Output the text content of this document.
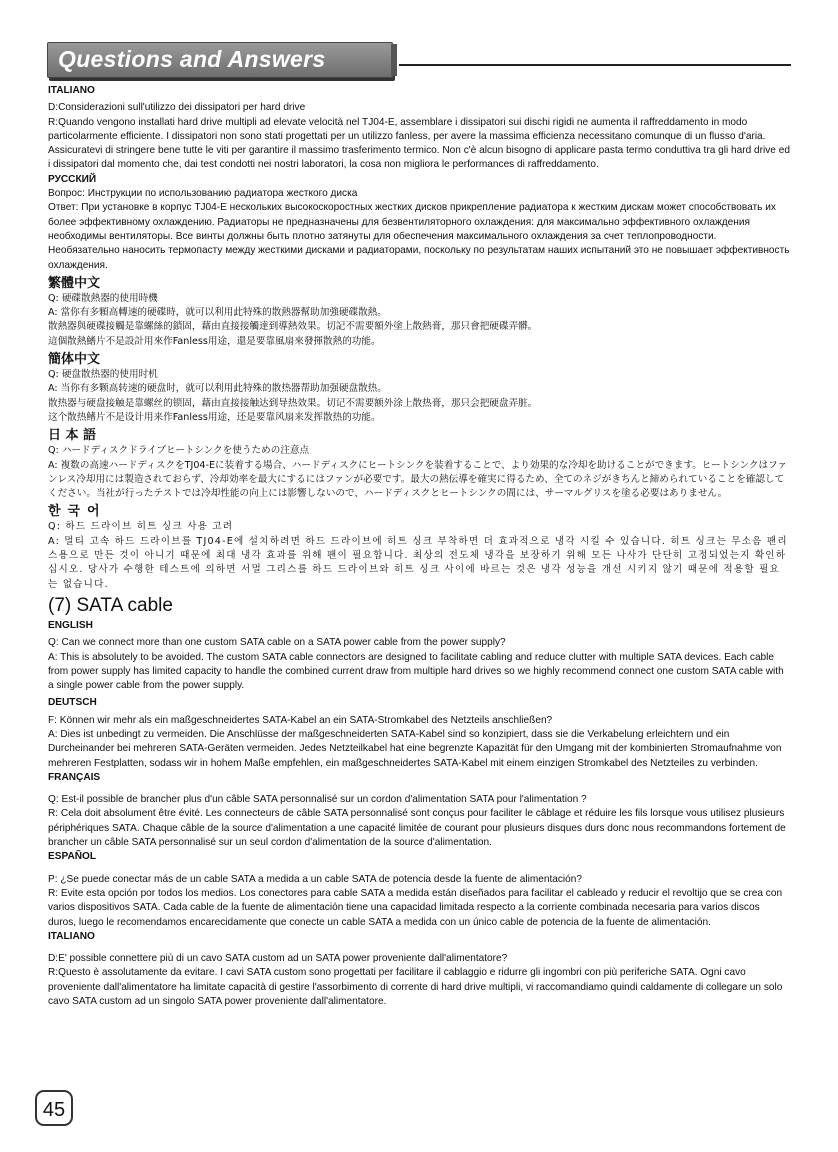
Questions and Answers

ITALIANO

D:Considerazioni sull'utilizzo dei dissipatori per hard drive

R:Quando vengono installati hard drive multipli ad elevate velocità nel TJ04-E, assemblare i dissipatori sui dischi rigidi ne aumenta il raffreddamento in modo particolarmente efficiente. I dissipatori non sono stati progettati per un utilizzo fanless, per avere la massima efficienza necessitano comunque di un flusso d'aria. Assicuratevi di stringere bene tutte le viti per garantire il massimo trasferimento termico. Non c'è alcun bisogno di applicare pasta termo conduttiva tra gli hard drive ed i dissipatori dal momento che, dai test condotti nei nostri laboratori, la cosa non migliora le performances di raffreddamento.

РУССКИЙ

Вопрос: Инструкции по использованию радиатора жесткого диска

Ответ: При установке в корпус TJ04-E нескольких высокоскоростных жестких дисков прикрепление радиатора к жестким дискам может способствовать их более эффективному охлаждению. Радиаторы не предназначены для безвентиляторного охлаждения: для максимально эффективного охлаждения необходимы вентиляторы. Все винты должны быть плотно затянуты для обеспечения максимального охлаждения за счет теплопроводности. Необязательно наносить термопасту между жесткими дисками и радиаторами, поскольку по результатам наших испытаний это не повышает эффективность охлаждения.

繁體中文

Q: 硬碟散熱器的使用時機

A: 當你有多顆高轉速的硬碟時，就可以利用此特殊的散熱器幫助加強硬碟散熱。

散熱器與硬碟接觸是靠螺絲的鎖固，藉由直接接觸達到導熱效果。切記不需要額外塗上散熱膏，那只會把硬碟弄髒。

這個散熱鰭片不是設計用來作Fanless用途，還是要靠風扇來發揮散熱的功能。

簡体中文

Q: 硬盘散热器的使用时机

A: 当你有多颗高转速的硬盘时，就可以利用此特殊的散热器帮助加强硬盘散热。

散热器与硬盘接触是靠螺丝的锁固，藉由直接接触达到导热效果。切记不需要额外涂上散热膏，那只会把硬盘弄脏。

这个散热鳍片不是设计用来作Fanless用途，还是要靠风扇来发挥散热的功能。

日 本 語

Q: ハードディスクドライブヒートシンクを使うための注意点

A: 複数の高速ハードディスクをTJ04-Eに装着する場合、ハードディスクにヒートシンクを装着することで、より効果的な冷却を助けることができます。ヒートシンクはファンレス冷却用には製造されておらず、冷却効率を最大にするにはファンが必要です。最大の熱伝導を確実に得るため、全てのネジがきちんと締められていることを確認してください。当社が行ったテストでは冷却性能の向上には影響しないので、ハードディスクとヒートシンクの間には、サーマルグリスを塗る必要はありません。

한 국 어

Q: 하드 드라이브 히트 싱크 사용 고려

A: 멀티 고속 하드 드라이브를 TJ04-E에 설치하려면 하드 드라이브에 히트 싱크 부착하면 더 효과적으로 냉각 시킬 수 있습니다. 히트 싱크는 무소음 팬리스용으로 만든 것이 아니기 때문에 최대 냉각 효과를 위해 팬이 필요합니다. 최상의 전도체 냉각을 보장하기 위해 모든 나사가 단단히 고정되었는지 확인하십시오. 당사가 수행한 테스트에 의하면 서멀 그리스를 하드 드라이브와 히트 싱크 사이에 바르는 것은 냉각 성능을 개선 시키지 않기 때문에 적용할 필요는 없습니다.

(7) SATA cable

ENGLISH

Q: Can we connect more than one custom SATA cable on a SATA power cable from the power supply?

A: This is absolutely to be avoided. The custom SATA cable connectors are designed to facilitate cabling and reduce clutter with multiple SATA devices. Each cable from power supply has limited capacity to handle the combined current draw from multiple hard drives so we highly recommend connect one custom SATA cable with a single power cable from the power supply.

DEUTSCH

F: Können wir mehr als ein maßgeschneidertes SATA-Kabel an ein SATA-Stromkabel des Netzteils anschließen?

A: Dies ist unbedingt zu vermeiden. Die Anschlüsse der maßgeschneiderten SATA-Kabel sind so konzipiert, dass sie die Verkabelung erleichtern und ein Durcheinander bei mehreren SATA-Geräten vermeiden. Jedes Netzteilkabel hat eine begrenzte Kapazität für den Umgang mit der kombinierten Stromaufnahme von mehreren Festplatten, sodass wir in hohem Maße empfehlen, ein maßgeschneidertes SATA-Kabel mit einem einzigen Stromkabel des Netzteiles zu verbinden.

FRANÇAIS

Q: Est-il possible de brancher plus d'un câble SATA personnalisé sur un cordon d'alimentation SATA pour l'alimentation ?

R: Cela doit absolument être évité. Les connecteurs de câble SATA personnalisé sont conçus pour faciliter le câblage et réduire les fils lorsque vous utilisez plusieurs périphériques SATA. Chaque câble de la source d'alimentation a une capacité limitée de courant pour plusieurs disques durs donc nous recommandons fortement de brancher un câble SATA personnalisé sur un seul cordon d'alimentation de la source d'alimentation.

ESPAÑOL

P: ¿Se puede conectar más de un cable SATA a medida a un cable SATA de potencia desde la fuente de alimentación?

R: Evite esta opción por todos los medios. Los conectores para cable SATA a medida están diseñados para facilitar el cableado y reducir el revoltijo que se crea con varios dispositivos SATA. Cada cable de la fuente de alimentación tiene una capacidad limitada respecto a la corriente combinada necesaria para varios discos duros, luego le recomendamos encarecidamente que conecte un cable SATA a medida con un único cable de potencia de la fuente de alimentación.

ITALIANO

D:E' possible connettere più di un cavo SATA custom ad un SATA power proveniente dall'alimentatore?

R:Questo è assolutamente da evitare. I cavi SATA custom sono progettati per facilitare il cablaggio e ridurre gli ingombri con più periferiche SATA. Ogni cavo proveniente dall'alimentatore ha limitate capacità di gestire l'assorbimento di corrente di hard drive multipli, vi raccomandiamo quindi caldamente di collegare un solo cavo SATA custom ad un singolo SATA power proveniente dall'alimentatore.

45
